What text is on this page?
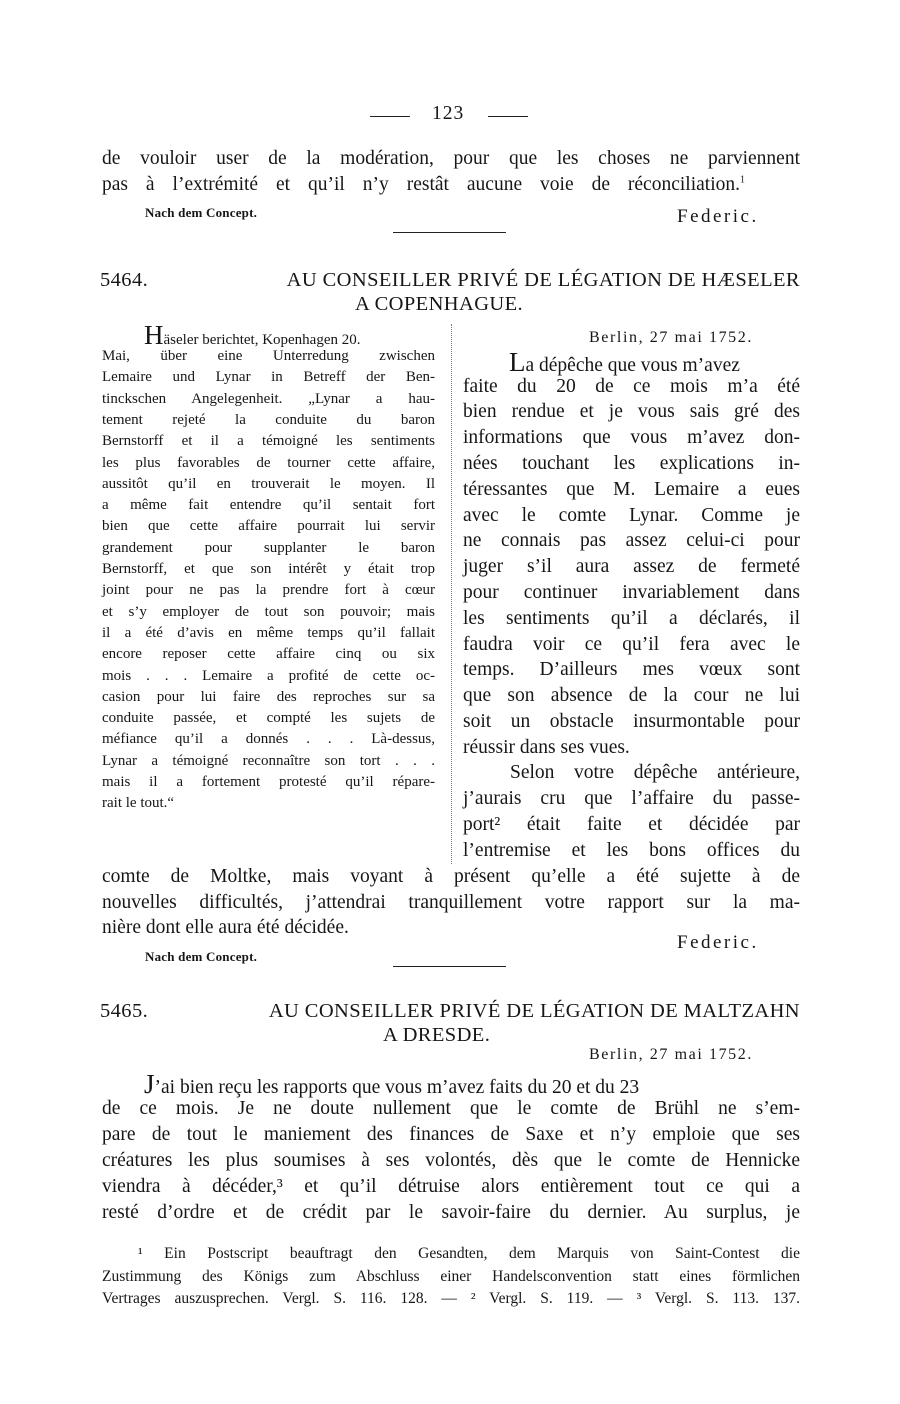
123
de vouloir user de la modération, pour que les choses ne parviennent
pas à l’extrémité et qu’il n’y restât aucune voie de réconciliation.$^1$
Nach dem Concept.	Federic.
5464.	AU CONSEILLER PRIVÉ DE LÉGATION DE HÆSELER
A COPENHAGUE.
Häseler berichtet, Kopenhagen 20.
Mai, über eine Unterredung zwischen
Lemaire und Lynar in Betreff der Ben-
tinckschen Angelegenheit. „Lynar a hau-
tement rejeté la conduite du baron
Bernstorff et il a témoigné les sentiments
les plus favorables de tourner cette affaire,
aussitôt qu’il en trouverait le moyen. Il
a même fait entendre qu’il sentait fort
bien que cette affaire pourrait lui servir
grandement pour supplanter le baron
Bernstorff, et que son intérêt y était trop
joint pour ne pas la prendre fort à cœur
et s’y employer de tout son pouvoir; mais
il a été d’avis en même temps qu’il fallait
encore reposer cette affaire cinq ou six
mois . . . Lemaire a profité de cette oc-
casion pour lui faire des reproches sur sa
conduite passée, et compté les sujets de
méfiance qu’il a donnés . . . Là-dessus,
Lynar a témoigné reconnaître son tort . . .
mais il a fortement protesté qu’il répare-
rait le tout.“
Berlin, 27 mai 1752.
La dépêche que vous m’avez
faite du 20 de ce mois m’a été
bien rendue et je vous sais gré des
informations que vous m’avez don-
nées touchant les explications in-
téressantes que M. Lemaire a eues
avec le comte Lynar. Comme je
ne connais pas assez celui-ci pour
juger s’il aura assez de fermeté
pour continuer invariablement dans
les sentiments qu’il a déclarés, il
faudra voir ce qu’il fera avec le
temps. D’ailleurs mes vœux sont
que son absence de la cour ne lui
soit un obstacle insurmontable pour
réussir dans ses vues.
Selon votre dépêche antérieure,
j’aurais cru que l’affaire du passe-
port² était faite et décidée par
l’entremise et les bons offices du
comte de Moltke, mais voyant à présent qu’elle a été sujette à de
nouvelles difficultés, j’attendrai tranquillement votre rapport sur la ma-
nière dont elle aura été décidée.
Federic.
Nach dem Concept.
5465.	AU CONSEILLER PRIVÉ DE LÉGATION DE MALTZAHN
A DRESDE.
Berlin, 27 mai 1752.
J’ai bien reçu les rapports que vous m’avez faits du 20 et du 23
de ce mois. Je ne doute nullement que le comte de Brühl ne s’em-
pare de tout le maniement des finances de Saxe et n’y emploie que ses
créatures les plus soumises à ses volontés, dès que le comte de Hennicke
viendra à décéder,³ et qu’il détruise alors entièrement tout ce qui a
resté d’ordre et de crédit par le savoir-faire du dernier. Au surplus, je
¹ Ein Postscript beauftragt den Gesandten, dem Marquis von Saint-Contest die
Zustimmung des Königs zum Abschluss einer Handelsconvention statt eines förmlichen
Vertrages auszusprechen. Vergl. S. 116. 128. — ² Vergl. S. 119. — ³ Vergl. S. 113. 137.
